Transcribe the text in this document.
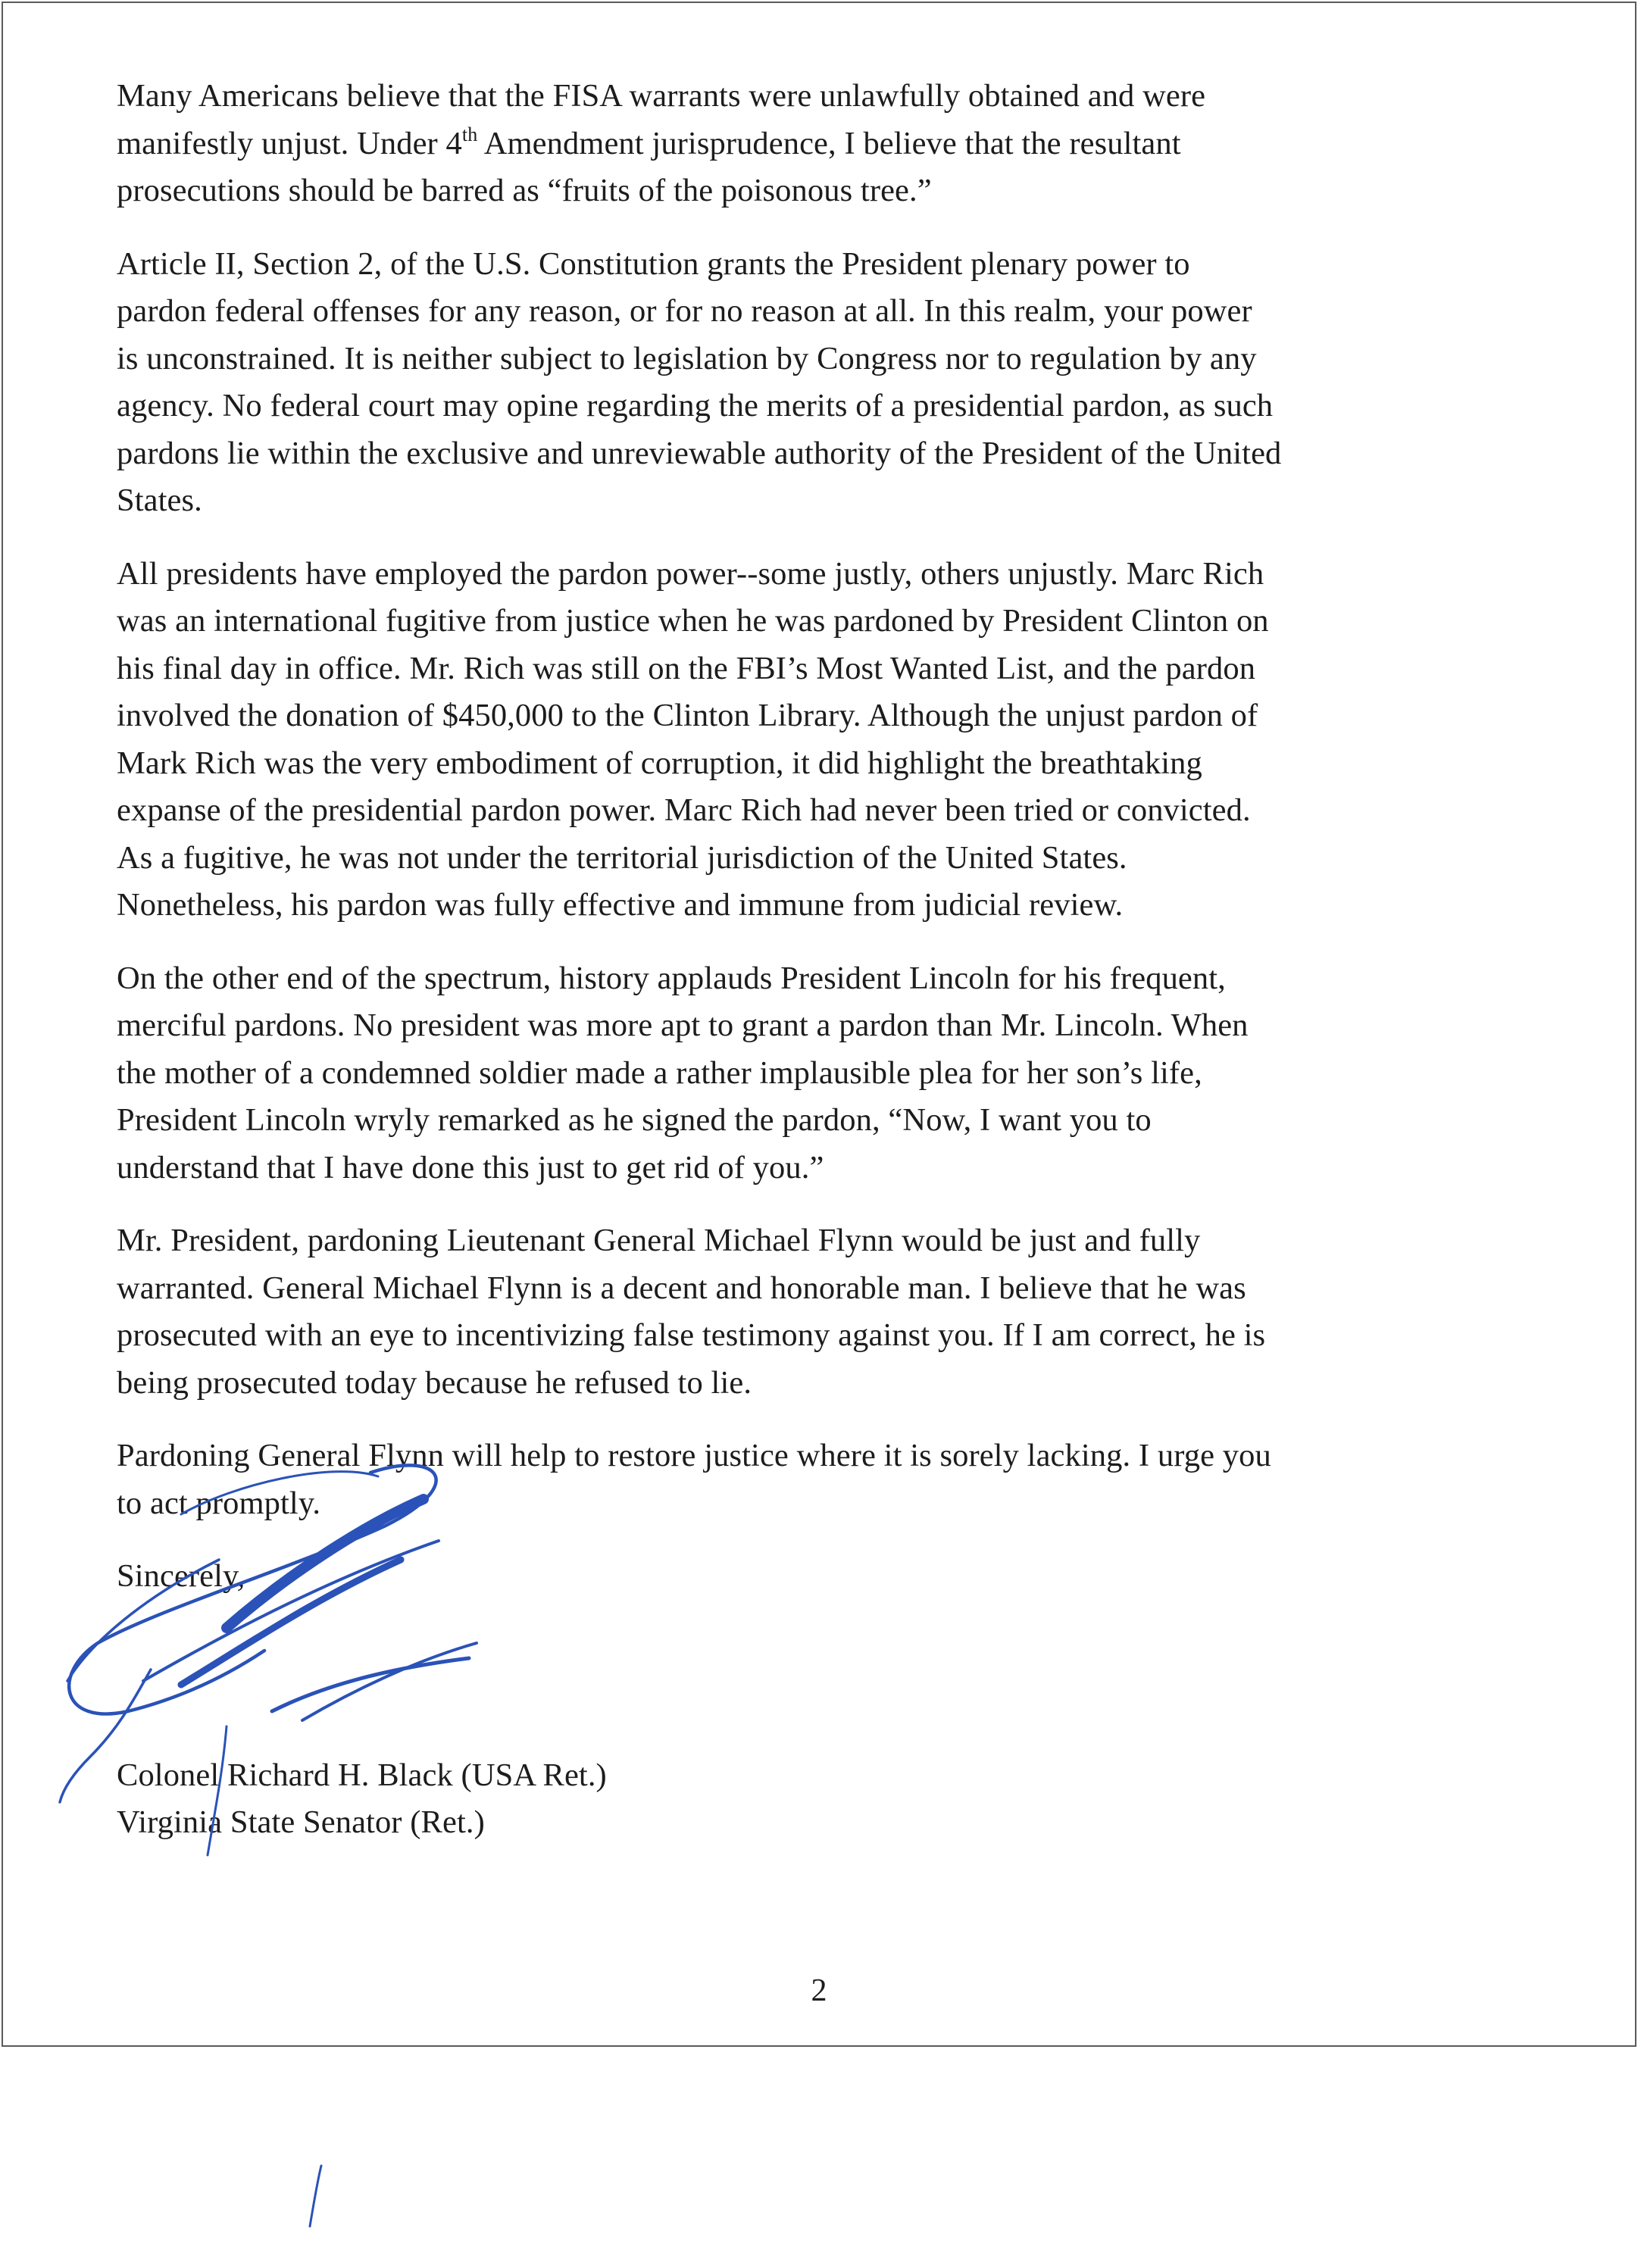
Many Americans believe that the FISA warrants were unlawfully obtained and were
manifestly unjust. Under 4th Amendment jurisprudence, I believe that the resultant
prosecutions should be barred as “fruits of the poisonous tree.”
Article II, Section 2, of the U.S. Constitution grants the President plenary power to
pardon federal offenses for any reason, or for no reason at all. In this realm, your power
is unconstrained. It is neither subject to legislation by Congress nor to regulation by any
agency. No federal court may opine regarding the merits of a presidential pardon, as such
pardons lie within the exclusive and unreviewable authority of the President of the United
States.
All presidents have employed the pardon power--some justly, others unjustly. Marc Rich
was an international fugitive from justice when he was pardoned by President Clinton on
his final day in office. Mr. Rich was still on the FBI’s Most Wanted List, and the pardon
involved the donation of $450,000 to the Clinton Library. Although the unjust pardon of
Mark Rich was the very embodiment of corruption, it did highlight the breathtaking
expanse of the presidential pardon power. Marc Rich had never been tried or convicted.
As a fugitive, he was not under the territorial jurisdiction of the United States.
Nonetheless, his pardon was fully effective and immune from judicial review.
On the other end of the spectrum, history applauds President Lincoln for his frequent,
merciful pardons. No president was more apt to grant a pardon than Mr. Lincoln. When
the mother of a condemned soldier made a rather implausible plea for her son’s life,
President Lincoln wryly remarked as he signed the pardon, “Now, I want you to
understand that I have done this just to get rid of you.”
Mr. President, pardoning Lieutenant General Michael Flynn would be just and fully
warranted. General Michael Flynn is a decent and honorable man. I believe that he was
prosecuted with an eye to incentivizing false testimony against you. If I am correct, he is
being prosecuted today because he refused to lie.
Pardoning General Flynn will help to restore justice where it is sorely lacking. I urge you
to act promptly.
Sincerely,
Colonel Richard H. Black (USA Ret.)
Virginia State Senator (Ret.)
2
